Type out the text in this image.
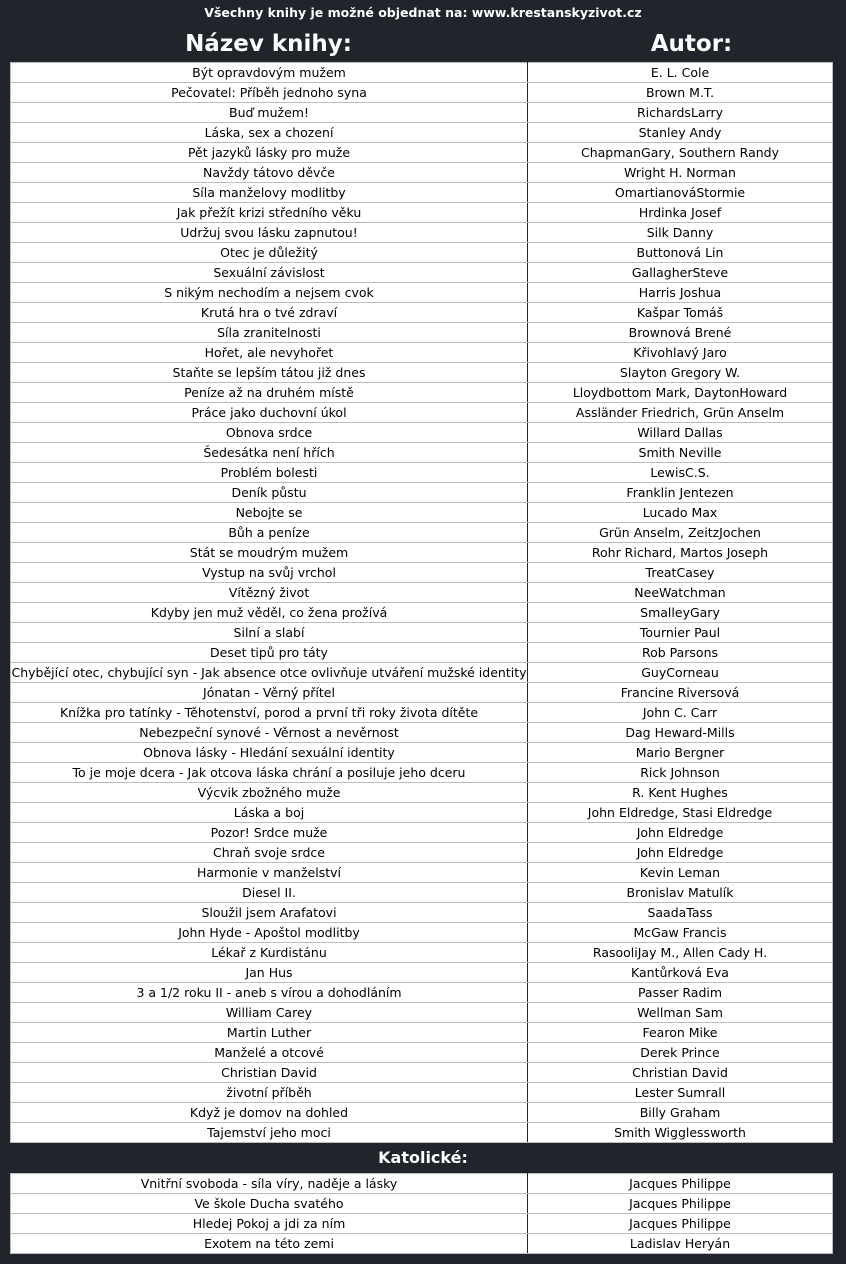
Všechny knihy je možné objednat na: www.krestanskyzivot.cz
Název knihy:	Autor:
Být opravdovým mužem	E. L. Cole
Pečovatel: Příběh jednoho syna	Brown M.T.
Buď mužem!	RichardsLarry
Láska, sex a chození	Stanley Andy
Pět jazyků lásky pro muže	ChapmanGary, Southern Randy
Navždy tátovo děvče	Wright H. Norman
Síla manželovy modlitby	OmartianováStormie
Jak přežít krizi středního věku	Hrdinka Josef
Udržuj svou lásku zapnutou!	Silk Danny
Otec je důležitý	Buttonová Lin
Sexuální závislost	GallagherSteve
S nikým nechodím a nejsem cvok	Harris Joshua
Krutá hra o tvé zdraví	Kašpar Tomáš
Síla zranitelnosti	Brownová Brené
Hořet, ale nevyhořet	Křivohlavý Jaro
Staňte se lepším tátou již dnes	Slayton Gregory W.
Peníze až na druhém místě	Lloydbottom Mark, DaytonHoward
Práce jako duchovní úkol	Assländer Friedrich, Grün Anselm
Obnova srdce	Willard Dallas
Šedesátka není hřích	Smith Neville
Problém bolesti	LewisC.S.
Deník půstu	Franklin Jentezen
Nebojte se	Lucado Max
Bůh a peníze	Grün Anselm, ZeitzJochen
Stát se moudrým mužem	Rohr Richard, Martos Joseph
Vystup na svůj vrchol	TreatCasey
Vítězný život	NeeWatchman
Kdyby jen muž věděl, co žena prožívá	SmalleyGary
Silní a slabí	Tournier Paul
Deset tipů pro táty	Rob Parsons
Chybějící otec, chybující syn - Jak absence otce ovlivňuje utváření mužské identity	GuyCorneau
Jónatan - Věrný přítel	Francine Riversová
Knížka pro tatínky - Těhotenství, porod a první tři roky života dítěte	John C. Carr
Nebezpeční synové - Věrnost a nevěrnost	Dag Heward-Mills
Obnova lásky - Hledání sexuální identity	Mario Bergner
To je moje dcera - Jak otcova láska chrání a posiluje jeho dceru	Rick Johnson
Výcvik zbožného muže	R. Kent Hughes
Láska a boj	John Eldredge, Stasi Eldredge
Pozor! Srdce muže	John Eldredge
Chraň svoje srdce	John Eldredge
Harmonie v manželství	Kevin Leman
Diesel II.	Bronislav Matulík
Sloužil jsem Arafatovi	SaadaTass
John Hyde - Apoštol modlitby	McGaw Francis
Lékař z Kurdistánu	RasooliJay M., Allen Cady H.
Jan Hus	Kantůrková Eva
3 a 1/2 roku II - aneb s vírou a dohodláním	Passer Radim
William Carey	Wellman Sam
Martin Luther	Fearon Mike
Manželé a otcové	Derek Prince
Christian David	Christian David
životní příběh	Lester Sumrall
Když je domov na dohled	Billy Graham
Tajemství jeho moci	Smith Wigglessworth
Katolické:
Vnitřní svoboda - síla víry, naděje a lásky	Jacques Philippe
Ve škole Ducha svatého	Jacques Philippe
Hledej Pokoj a jdi za ním	Jacques Philippe
Exotem na této zemi	Ladislav Heryán
